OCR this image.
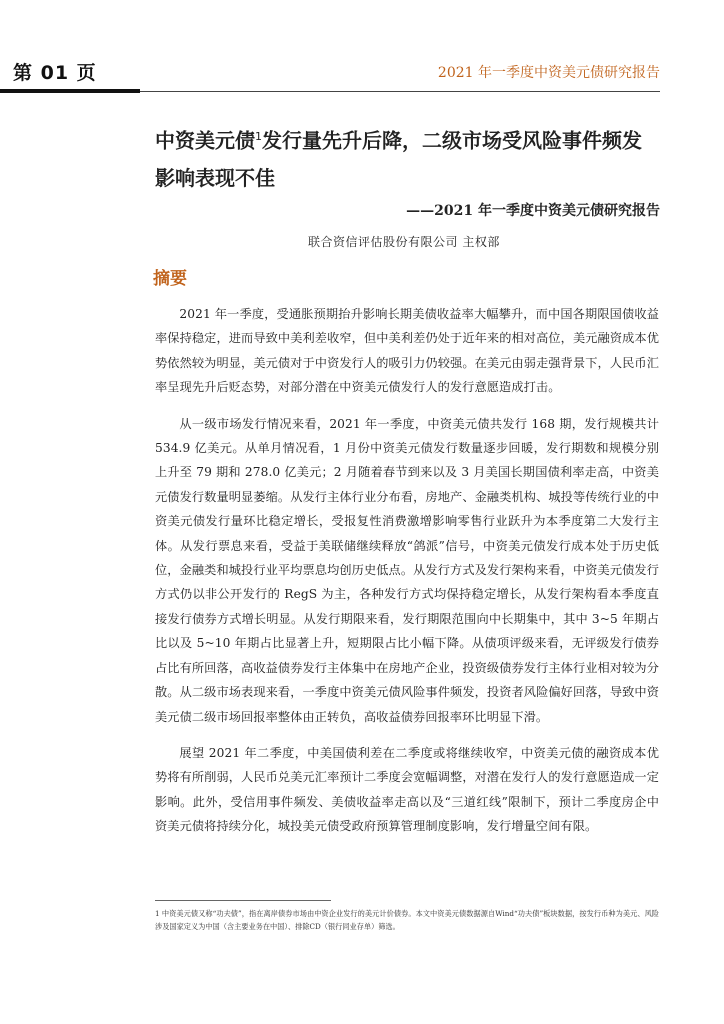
第 01 页	2021 年一季度中资美元债研究报告
中资美元债$^1$发行量先升后降，二级市场受风险事件频发影响表现不佳
——2021 年一季度中资美元债研究报告
联合资信评估股份有限公司 主权部
摘要

2021 年一季度，受通胀预期抬升影响长期美债收益率大幅攀升，而中国各期限国债收益率保持稳定，进而导致中美利差收窄，但中美利差仍处于近年来的相对高位，美元融资成本优势依然较为明显，美元债对于中资发行人的吸引力仍较强。在美元由弱走强背景下，人民币汇率呈现先升后贬态势，对部分潜在中资美元债发行人的发行意愿造成打击。

从一级市场发行情况来看，2021 年一季度，中资美元债共发行 168 期，发行规模共计 534.9 亿美元。从单月情况看，1 月份中资美元债发行数量逐步回暖，发行期数和规模分别上升至 79 期和 278.0 亿美元；2 月随着春节到来以及 3 月美国长期国债利率走高，中资美元债发行数量明显萎缩。从发行主体行业分布看，房地产、金融类机构、城投等传统行业的中资美元债发行量环比稳定增长，受报复性消费激增影响零售行业跃升为本季度第二大发行主体。从发行票息来看，受益于美联储继续释放“鸽派”信号，中资美元债发行成本处于历史低位，金融类和城投行业平均票息均创历史低点。从发行方式及发行架构来看，中资美元债发行方式仍以非公开发行的 RegS 为主，各种发行方式均保持稳定增长，从发行架构看本季度直接发行债券方式增长明显。从发行期限来看，发行期限范围向中长期集中，其中 3~5 年期占比以及 5~10 年期占比显著上升，短期限占比小幅下降。从债项评级来看，无评级发行债券占比有所回落，高收益债券发行主体集中在房地产企业，投资级债券发行主体行业相对较为分散。从二级市场表现来看，一季度中资美元债风险事件频发，投资者风险偏好回落，导致中资美元债二级市场回报率整体由正转负，高收益债券回报率环比明显下滑。

展望 2021 年二季度，中美国债利差在二季度或将继续收窄，中资美元债的融资成本优势将有所削弱，人民币兑美元汇率预计二季度会宽幅调整，对潜在发行人的发行意愿造成一定影响。此外，受信用事件频发、美债收益率走高以及“三道红线”限制下，预计二季度房企中资美元债将持续分化，城投美元债受政府预算管理制度影响，发行增量空间有限。

1 中资美元债又称“功夫债”，指在离岸债券市场由中资企业发行的美元计价债券。本文中资美元债数据源自Wind“功夫债”板块数据，按发行币种为美元、风险涉及国家定义为中国（含主要业务在中国）、排除CD（银行同业存单）筛选。
